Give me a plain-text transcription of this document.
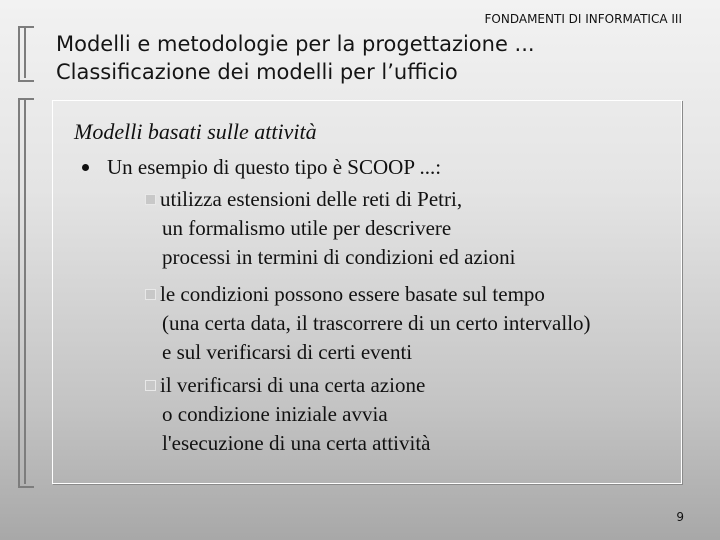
FONDAMENTI DI INFORMATICA III
Modelli e metodologie per la progettazione ...
Classificazione dei modelli per l’ufficio
Modelli basati sulle attività
Un esempio di questo tipo è SCOOP ...:
utilizza estensioni delle reti di Petri,
un formalismo utile per descrivere
processi in termini di condizioni ed azioni
le condizioni possono essere basate sul tempo
(una certa data, il trascorrere di un certo intervallo)
e sul verificarsi di certi eventi
il verificarsi di una certa azione
o condizione iniziale avvia
l'esecuzione di una certa attività
9
